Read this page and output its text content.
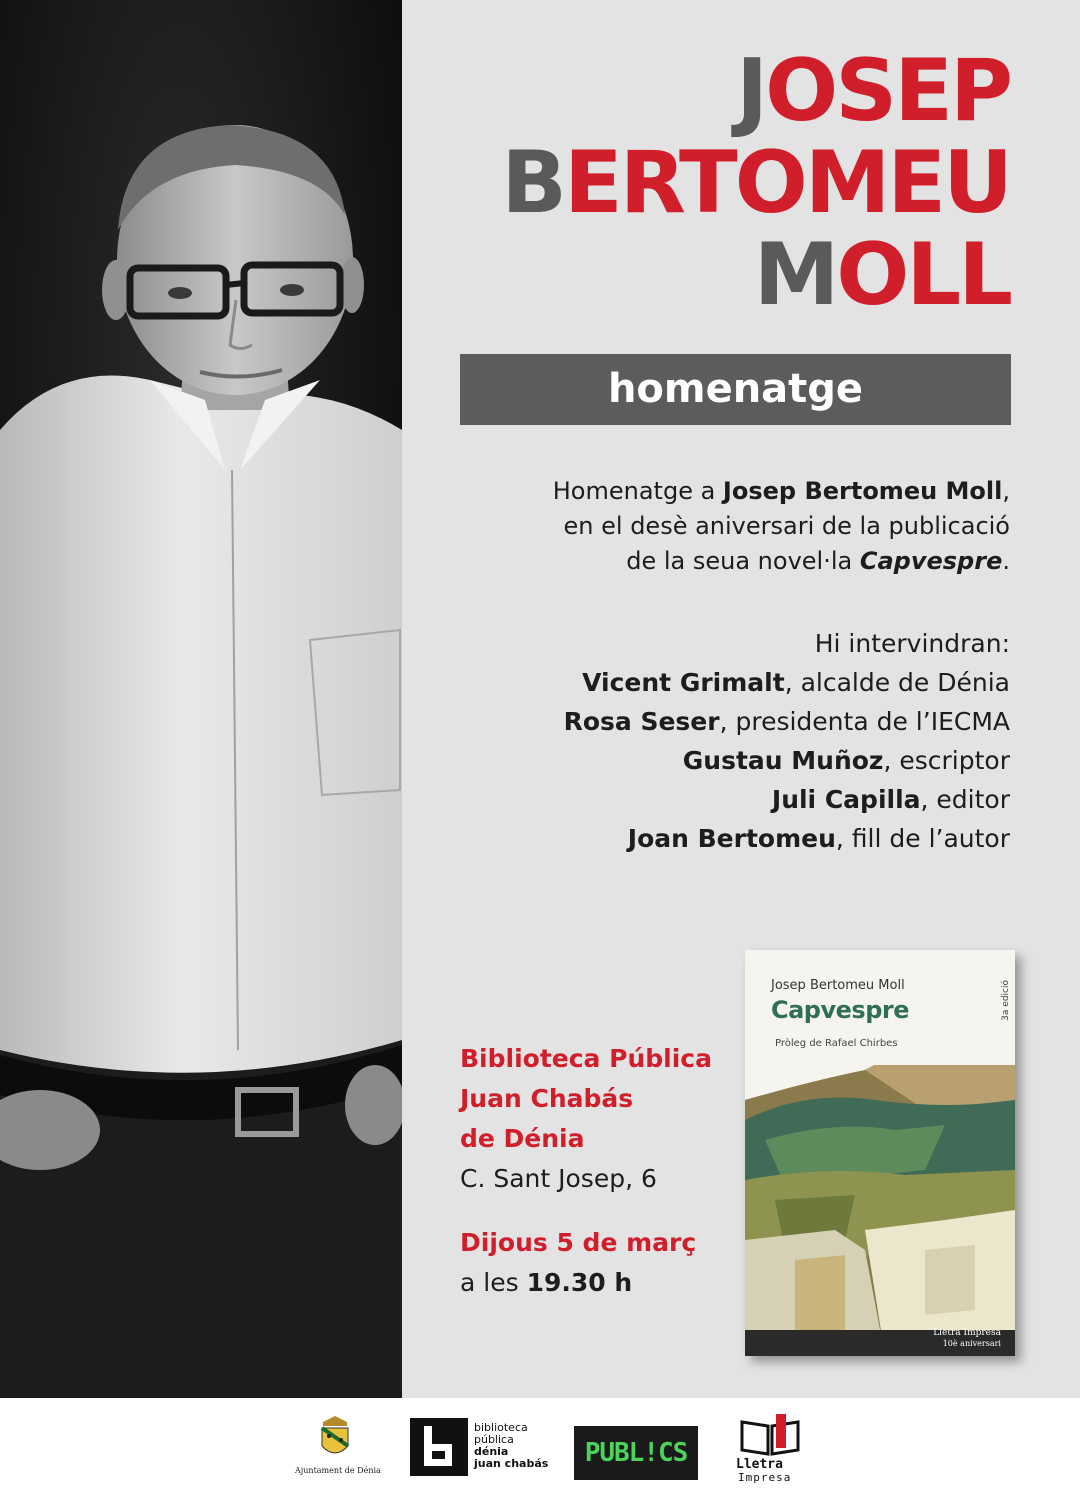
JOSEP
BERTOMEU
MOLL
homenatge
Homenatge a Josep Bertomeu Moll,
en el desè aniversari de la publicació
de la seua novel·la Capvespre.
Hi intervindran:
Vicent Grimalt, alcalde de Dénia
Rosa Seser, presidenta de l’IECMA
Gustau Muñoz, escriptor
Juli Capilla, editor
Joan Bertomeu, fill de l’autor
Biblioteca Pública
Juan Chabás
de Dénia
C. Sant Josep, 6
Dijous 5 de març
a les 19.30 h
Josep Bertomeu Moll
Capvespre
Pròleg de Rafael Chirbes
3a edició
Lletra Impresa
10è aniversari
Ajuntament de Dénia
biblioteca
pública
dénia
juan chabás	PUBL!CS	Lletra
Impresa
